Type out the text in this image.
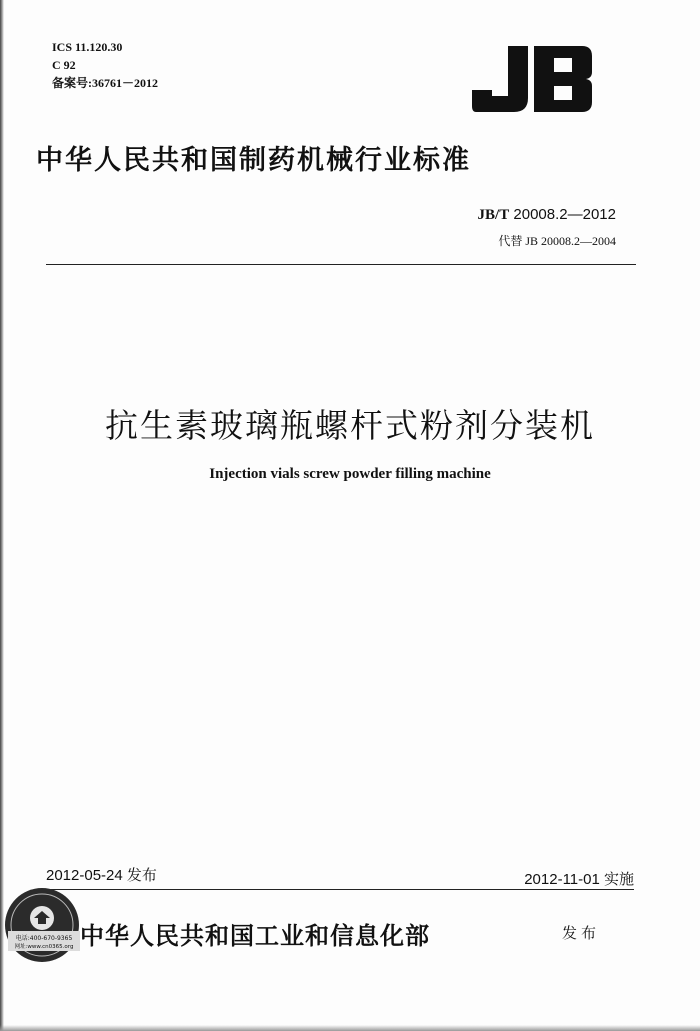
ICS 11.120.30
C 92
备案号:36761－2012
中华人民共和国制药机械行业标准
JB/T 20008.2—2012
代替 JB 20008.2—2004
抗生素玻璃瓶螺杆式粉剂分装机
Injection vials screw powder filling machine
2012-05-24 发布	2012-11-01 实施
电话:400-670-9365
网址:www.cn0365.org 中华人民共和国工业和信息化部	发布
